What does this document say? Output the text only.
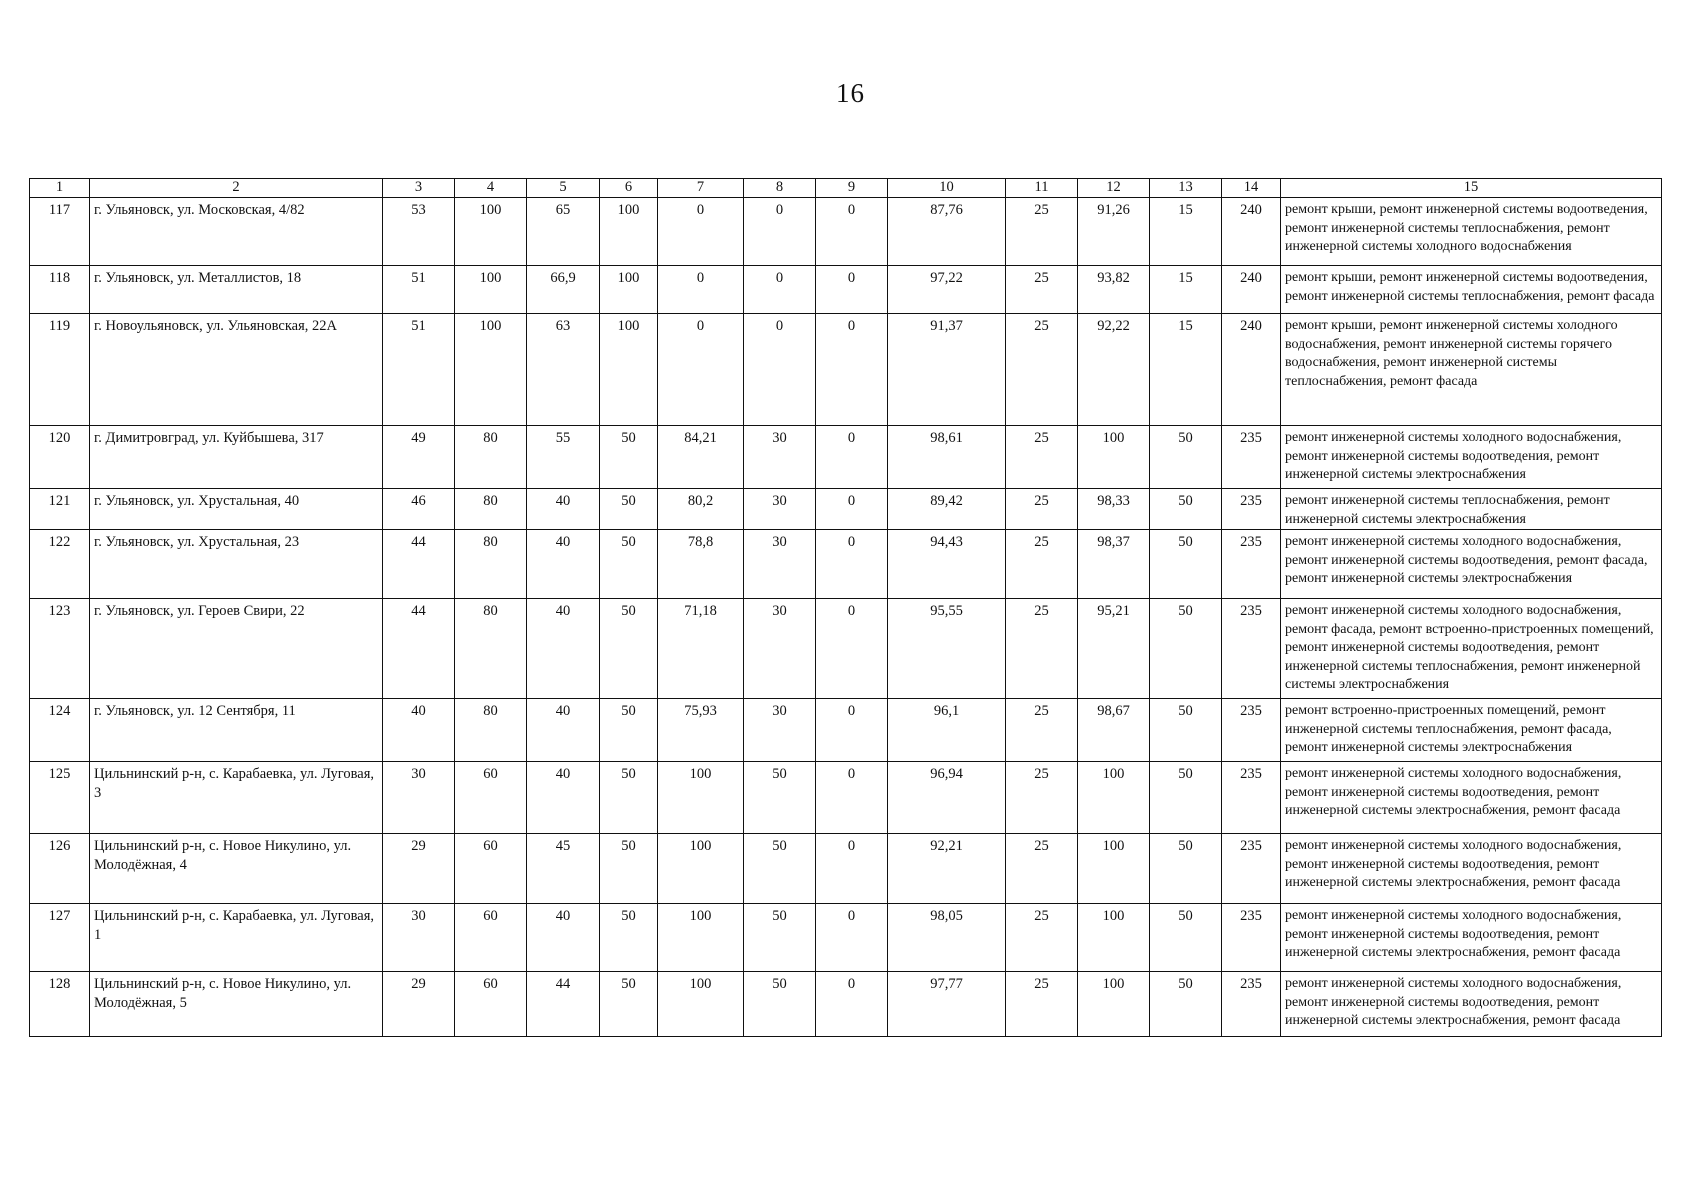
16
1	2	3	4	5	6	7	8	9	10	11	12	13	14	15
117	г. Ульяновск, ул. Московская, 4/82	53	100	65	100	0	0	0	87,76	25	91,26	15	240	ремонт крыши, ремонт инженерной системы водоотведения, ремонт инженерной системы теплоснабжения, ремонт инженерной системы холодного водоснабжения
118	г. Ульяновск, ул. Металлистов, 18	51	100	66,9	100	0	0	0	97,22	25	93,82	15	240	ремонт крыши, ремонт инженерной системы водоотведения, ремонт инженерной системы теплоснабжения, ремонт фасада
119	г. Новоульяновск, ул. Ульяновская, 22А	51	100	63	100	0	0	0	91,37	25	92,22	15	240	ремонт крыши, ремонт инженерной системы холодного водоснабжения, ремонт инженерной системы горячего водоснабжения, ремонт инженерной системы теплоснабжения, ремонт фасада
120	г. Димитровград, ул. Куйбышева, 317	49	80	55	50	84,21	30	0	98,61	25	100	50	235	ремонт инженерной системы холодного водоснабжения, ремонт инженерной системы водоотведения, ремонт инженерной системы электроснабжения
121	г. Ульяновск, ул. Хрустальная, 40	46	80	40	50	80,2	30	0	89,42	25	98,33	50	235	ремонт инженерной системы теплоснабжения, ремонт инженерной системы электроснабжения
122	г. Ульяновск, ул. Хрустальная, 23	44	80	40	50	78,8	30	0	94,43	25	98,37	50	235	ремонт инженерной системы холодного водоснабжения, ремонт инженерной системы водоотведения, ремонт фасада, ремонт инженерной системы электроснабжения
123	г. Ульяновск, ул. Героев Свири, 22	44	80	40	50	71,18	30	0	95,55	25	95,21	50	235	ремонт инженерной системы холодного водоснабжения, ремонт фасада, ремонт встроенно-пристроенных помещений, ремонт инженерной системы водоотведения, ремонт инженерной системы теплоснабжения, ремонт инженерной системы электроснабжения
124	г. Ульяновск, ул. 12 Сентября, 11	40	80	40	50	75,93	30	0	96,1	25	98,67	50	235	ремонт встроенно-пристроенных помещений, ремонт инженерной системы теплоснабжения, ремонт фасада, ремонт инженерной системы электроснабжения
125	Цильнинский р-н, с. Карабаевка, ул. Луговая, 3	30	60	40	50	100	50	0	96,94	25	100	50	235	ремонт инженерной системы холодного водоснабжения, ремонт инженерной системы водоотведения, ремонт инженерной системы электроснабжения, ремонт фасада
126	Цильнинский р-н, с. Новое Никулино, ул. Молодёжная, 4	29	60	45	50	100	50	0	92,21	25	100	50	235	ремонт инженерной системы холодного водоснабжения, ремонт инженерной системы водоотведения, ремонт инженерной системы электроснабжения, ремонт фасада
127	Цильнинский р-н, с. Карабаевка, ул. Луговая, 1	30	60	40	50	100	50	0	98,05	25	100	50	235	ремонт инженерной системы холодного водоснабжения, ремонт инженерной системы водоотведения, ремонт инженерной системы электроснабжения, ремонт фасада
128	Цильнинский р-н, с. Новое Никулино, ул. Молодёжная, 5	29	60	44	50	100	50	0	97,77	25	100	50	235	ремонт инженерной системы холодного водоснабжения, ремонт инженерной системы водоотведения, ремонт инженерной системы электроснабжения, ремонт фасада
